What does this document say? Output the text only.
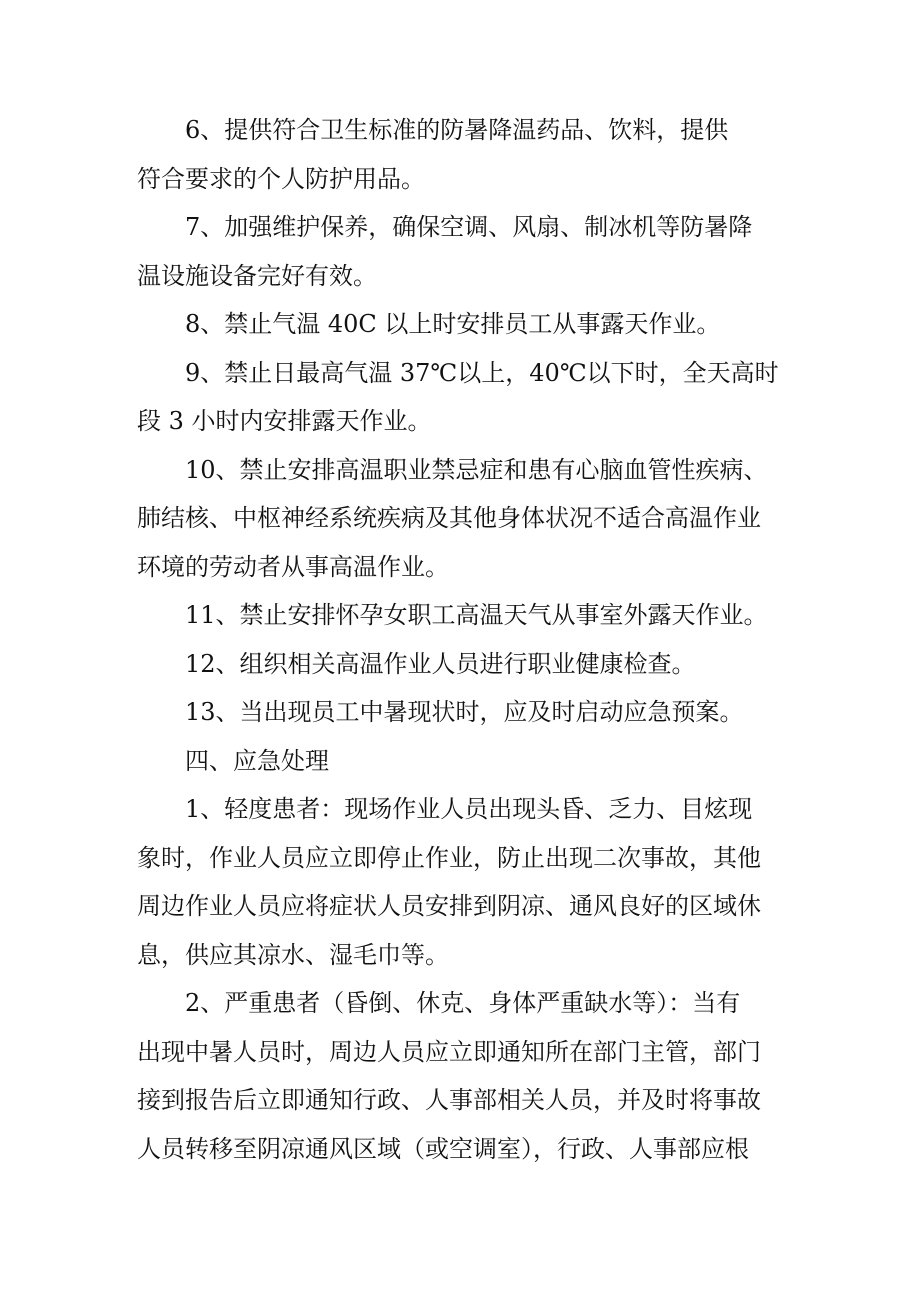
6、提供符合卫生标准的防暑降温药品、饮料，提供
符合要求的个人防护用品。
7、加强维护保养，确保空调、风扇、制冰机等防暑降
温设施设备完好有效。
8、禁止气温 40C 以上时安排员工从事露天作业。
9、禁止日最高气温 37℃以上，40℃以下时，全天高时
段 3 小时内安排露天作业。
10、禁止安排高温职业禁忌症和患有心脑血管性疾病、
肺结核、中枢神经系统疾病及其他身体状况不适合高温作业
环境的劳动者从事高温作业。
11、禁止安排怀孕女职工高温天气从事室外露天作业。
12、组织相关高温作业人员进行职业健康检查。
13、当出现员工中暑现状时，应及时启动应急预案。
四、应急处理
1、轻度患者：现场作业人员出现头昏、乏力、目炫现
象时，作业人员应立即停止作业，防止出现二次事故，其他
周边作业人员应将症状人员安排到阴凉、通风良好的区域休
息，供应其凉水、湿毛巾等。
2、严重患者（昏倒、休克、身体严重缺水等）：当有
出现中暑人员时，周边人员应立即通知所在部门主管，部门
接到报告后立即通知行政、人事部相关人员，并及时将事故
人员转移至阴凉通风区域（或空调室），行政、人事部应根
